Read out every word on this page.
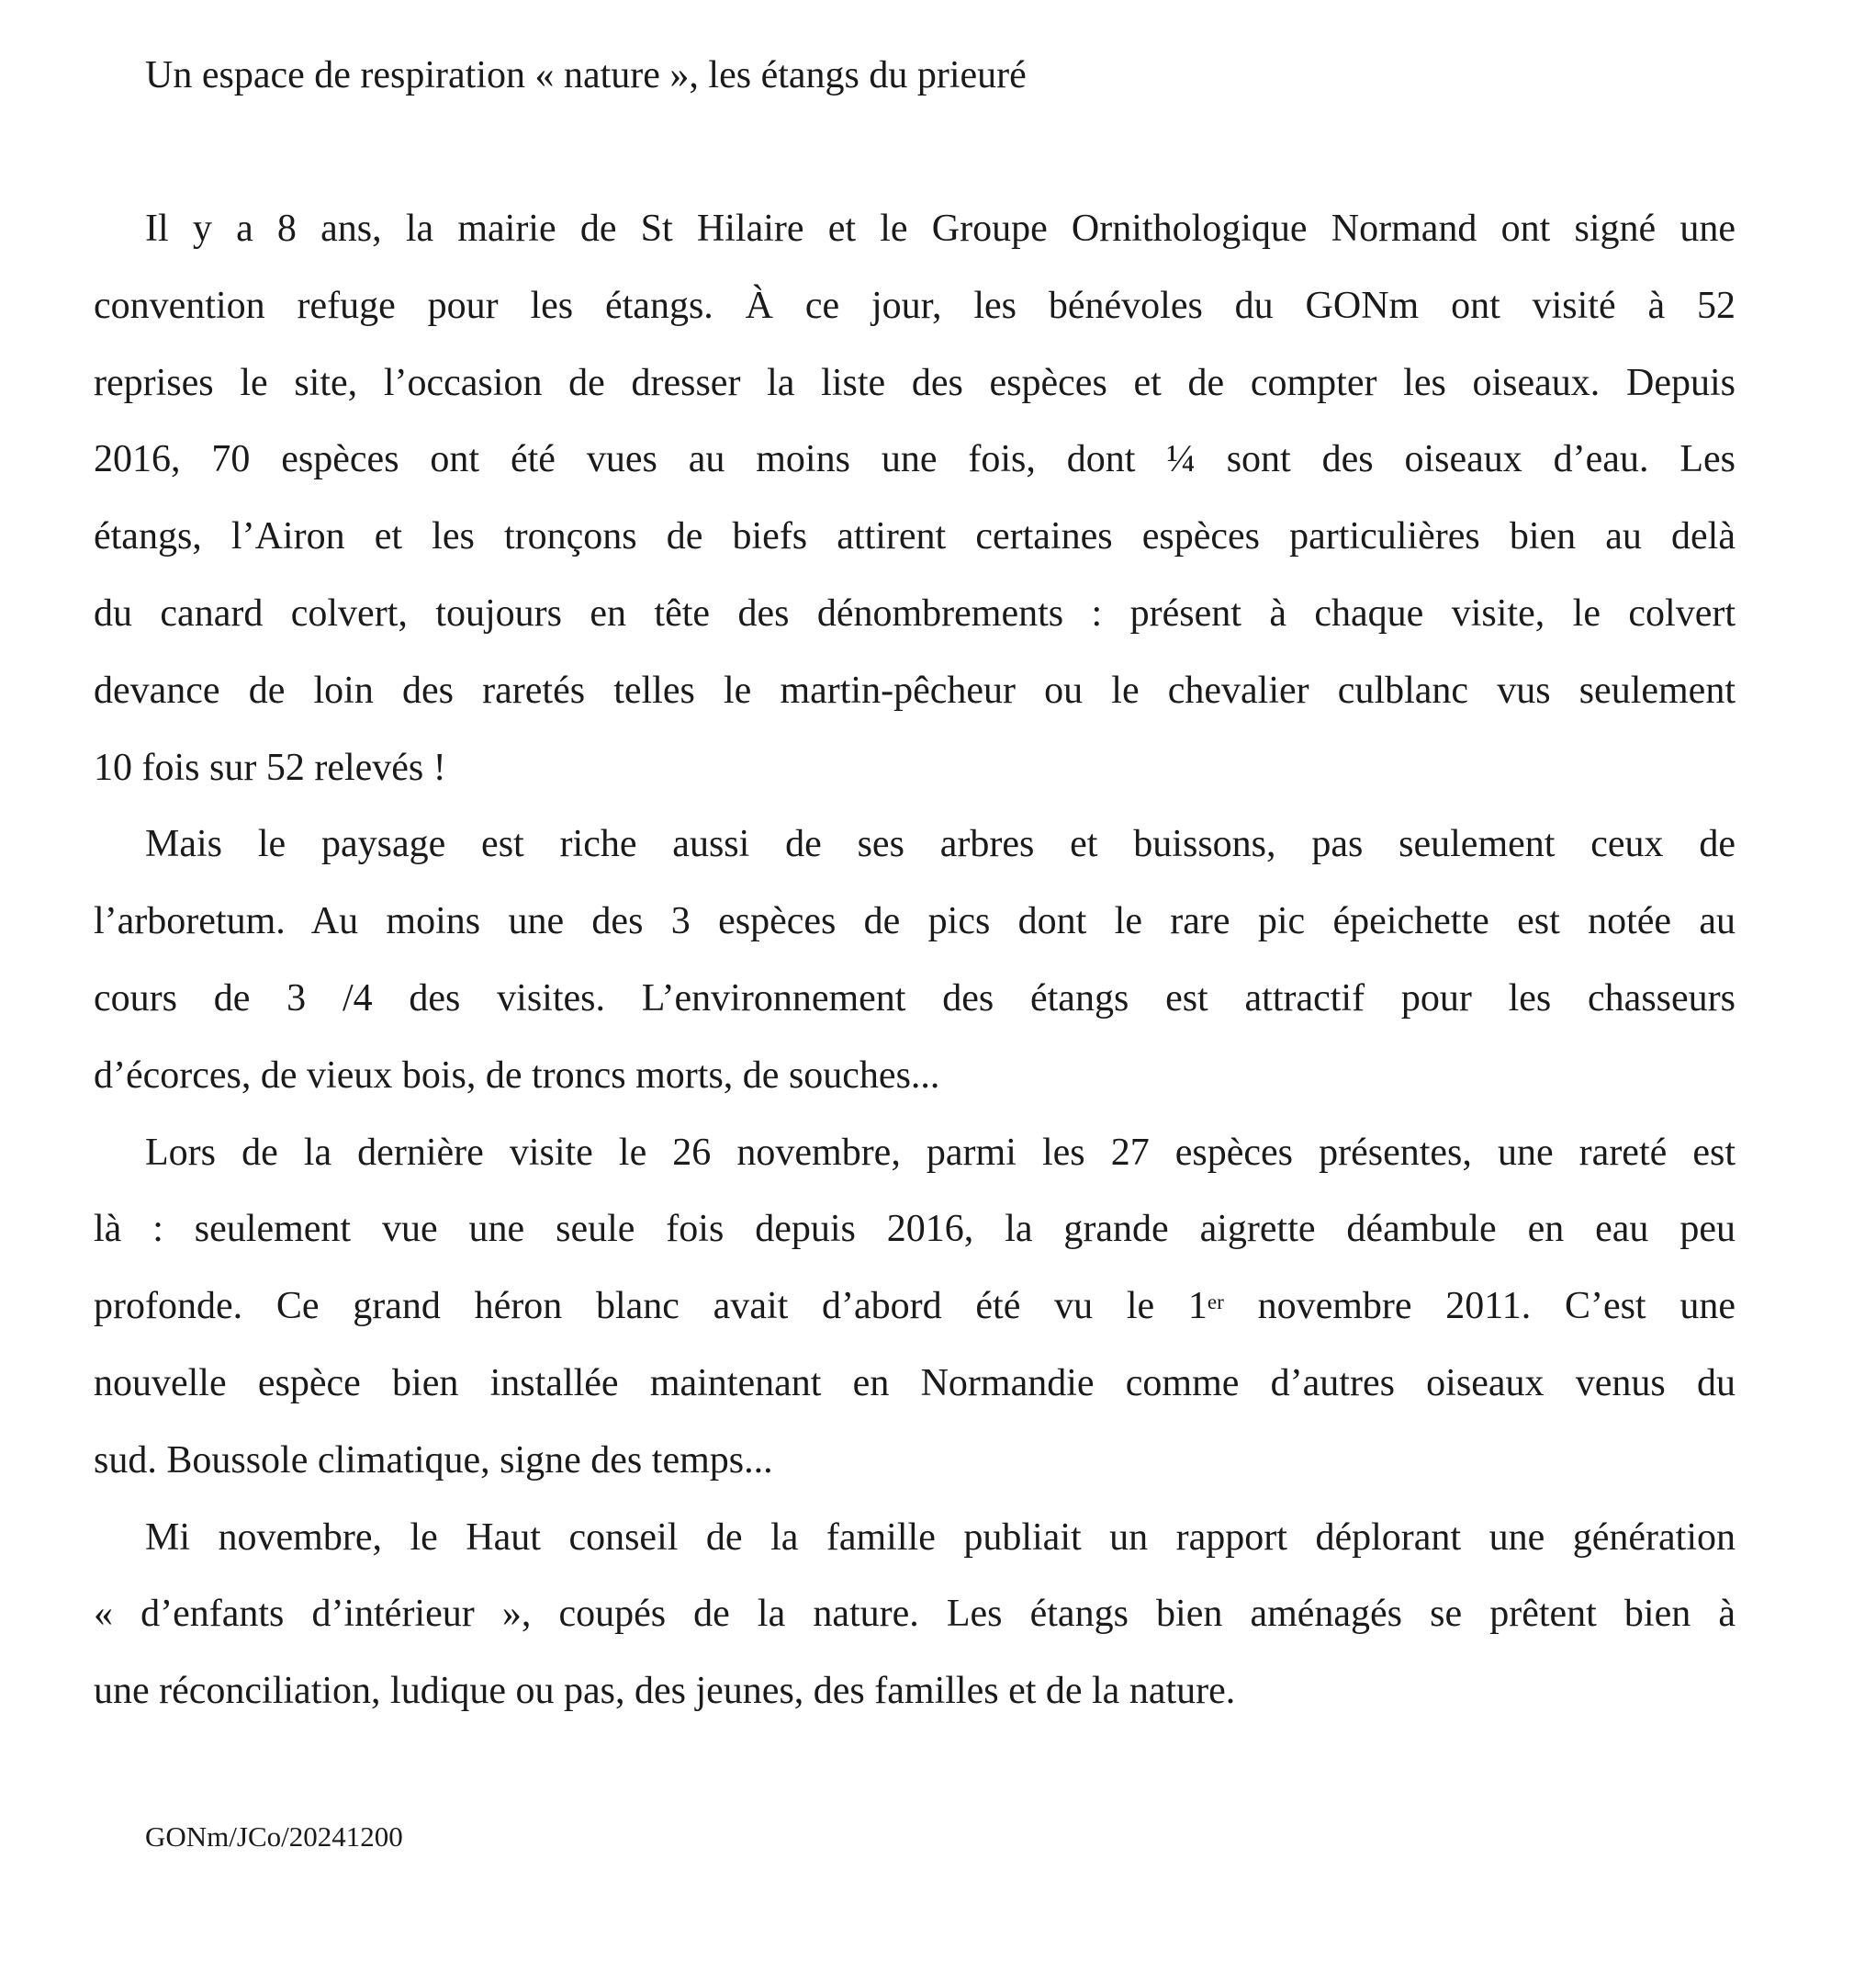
Un espace de respiration « nature », les étangs du prieuré
Il y a 8 ans, la mairie de St Hilaire et le Groupe Ornithologique Normand ont signé une
convention refuge pour les étangs. À ce jour, les bénévoles du GONm ont visité à 52
reprises le site, l’occasion de dresser la liste des espèces et de compter les oiseaux. Depuis
2016, 70 espèces ont été vues au moins une fois, dont ¼ sont des oiseaux d’eau. Les
étangs, l’Airon et les tronçons de biefs attirent certaines espèces particulières bien au delà
du canard colvert, toujours en tête des dénombrements : présent à chaque visite, le colvert
devance de loin des raretés telles le martin-pêcheur ou le chevalier culblanc vus seulement
10 fois sur 52 relevés !
Mais le paysage est riche aussi de ses arbres et buissons, pas seulement ceux de
l’arboretum. Au moins une des 3 espèces de pics dont le rare pic épeichette est notée au
cours de 3 /4 des visites. L’environnement des étangs est attractif pour les chasseurs
d’écorces, de vieux bois, de troncs morts, de souches...
Lors de la dernière visite le 26 novembre, parmi les 27 espèces présentes, une rareté est
là : seulement vue une seule fois depuis 2016, la grande aigrette déambule en eau peu
profonde. Ce grand héron blanc avait d’abord été vu le 1er novembre 2011. C’est une
nouvelle espèce bien installée maintenant en Normandie comme d’autres oiseaux venus du
sud. Boussole climatique, signe des temps...
Mi novembre, le Haut conseil de la famille publiait un rapport déplorant une génération
« d’enfants d’intérieur », coupés de la nature. Les étangs bien aménagés se prêtent bien à
une réconciliation, ludique ou pas, des jeunes, des familles et de la nature.
GONm/JCo/20241200
